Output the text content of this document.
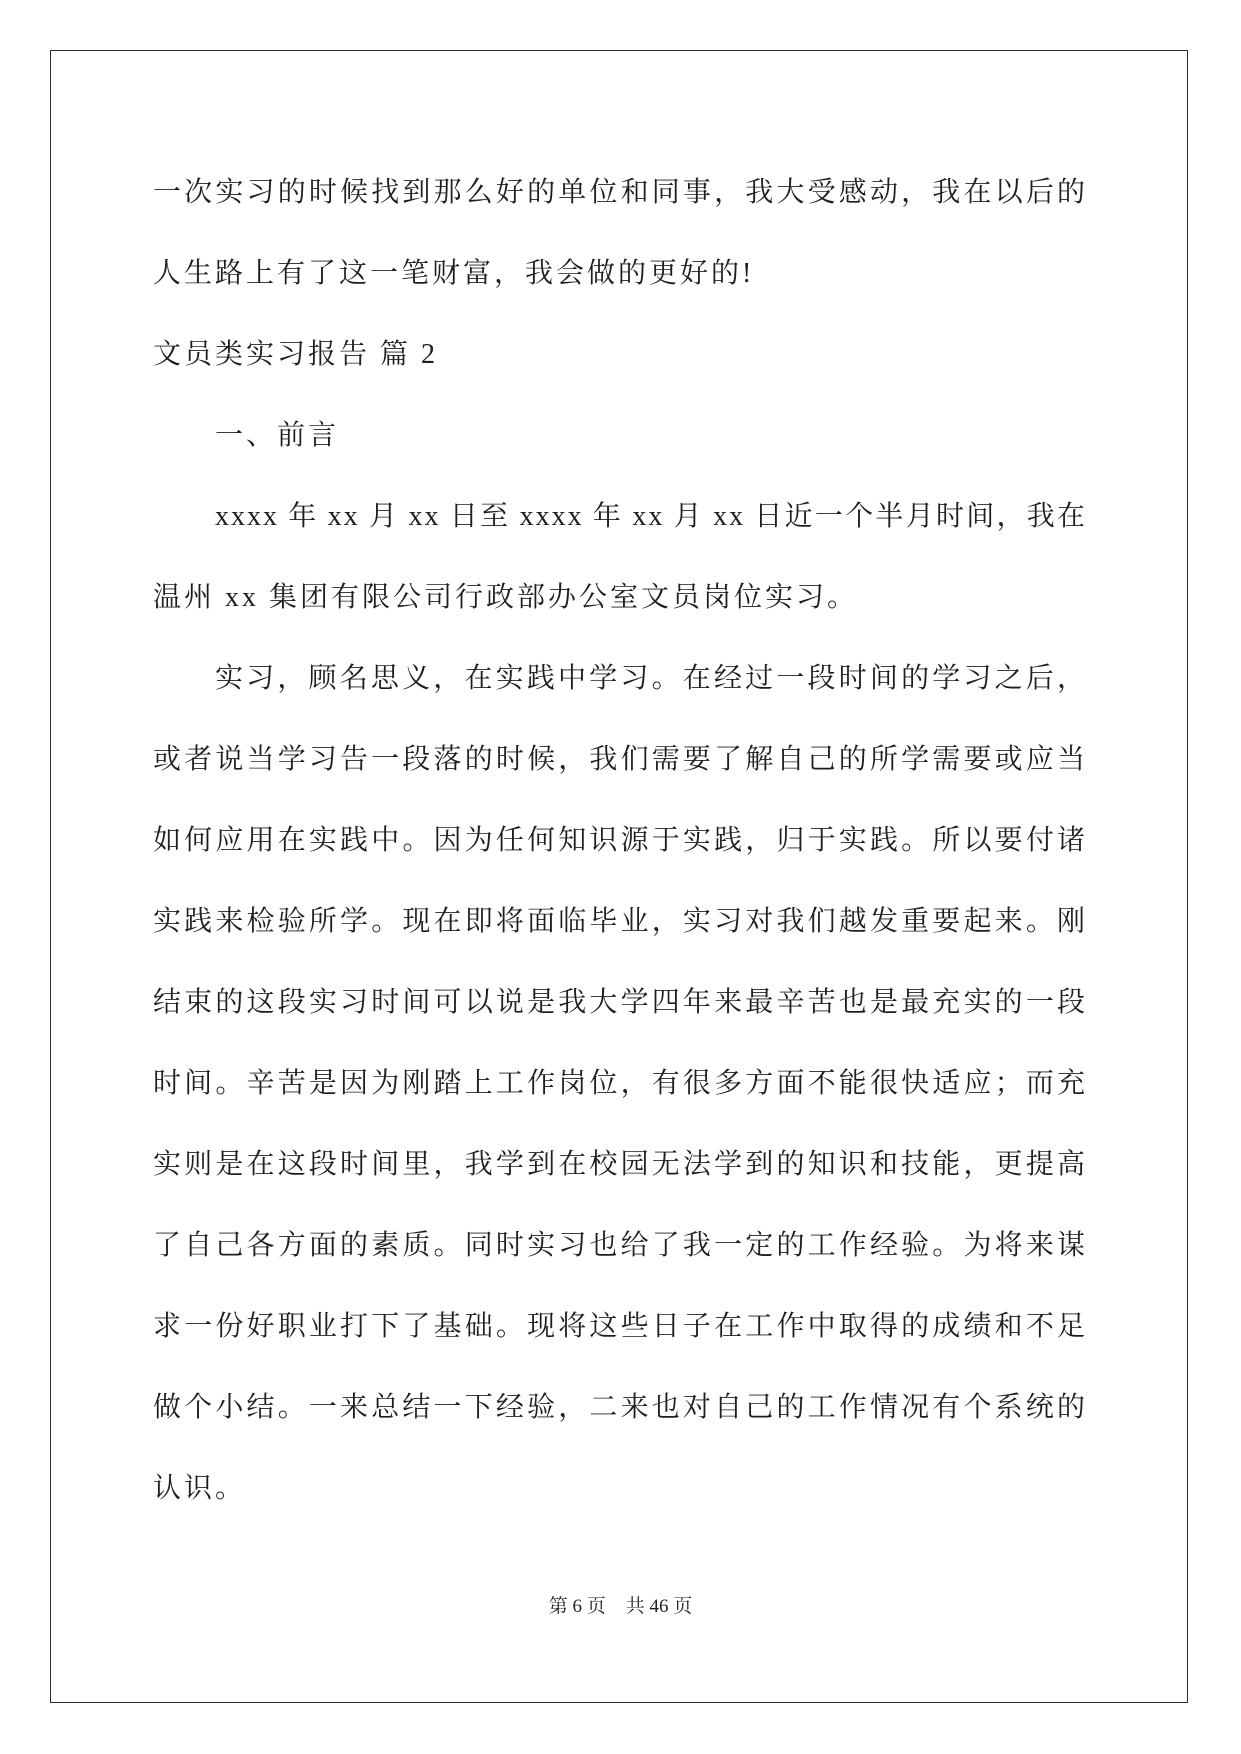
一次实习的时候找到那么好的单位和同事，我大受感动，我在以后的
人生路上有了这一笔财富，我会做的更好的!
文员类实习报告 篇 2
一、前言
xxxx 年 xx 月 xx 日至 xxxx 年 xx 月 xx 日近一个半月时间，我在
温州 xx 集团有限公司行政部办公室文员岗位实习。
实习，顾名思义，在实践中学习。在经过一段时间的学习之后，
或者说当学习告一段落的时候，我们需要了解自己的所学需要或应当
如何应用在实践中。因为任何知识源于实践，归于实践。所以要付诸
实践来检验所学。现在即将面临毕业，实习对我们越发重要起来。刚
结束的这段实习时间可以说是我大学四年来最辛苦也是最充实的一段
时间。辛苦是因为刚踏上工作岗位，有很多方面不能很快适应；而充
实则是在这段时间里，我学到在校园无法学到的知识和技能，更提高
了自己各方面的素质。同时实习也给了我一定的工作经验。为将来谋
求一份好职业打下了基础。现将这些日子在工作中取得的成绩和不足
做个小结。一来总结一下经验，二来也对自己的工作情况有个系统的
认识。
第 6 页 共 46 页
